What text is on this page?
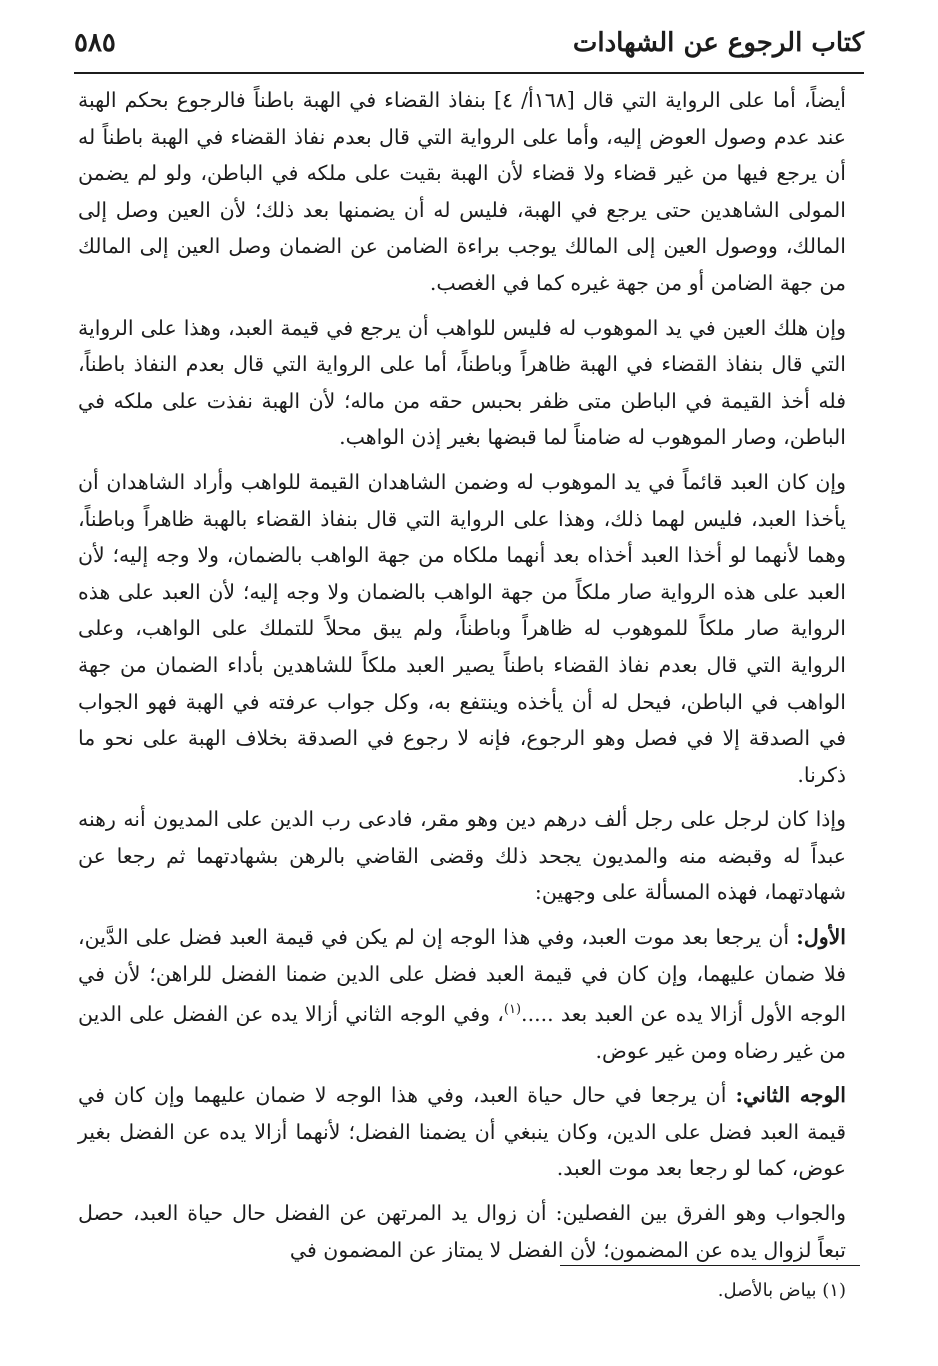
كتاب الرجوع عن الشهادات
٥٨٥

أيضاً، أما على الرواية التي قال [١٦٨أ/ ٤] بنفاذ القضاء في الهبة باطناً فالرجوع بحكم الهبة عند عدم وصول العوض إليه، وأما على الرواية التي قال بعدم نفاذ القضاء في الهبة باطناً له أن يرجع فيها من غير قضاء ولا قضاء لأن الهبة بقيت على ملكه في الباطن، ولو لم يضمن المولى الشاهدين حتى يرجع في الهبة، فليس له أن يضمنها بعد ذلك؛ لأن العين وصل إلى المالك، ووصول العين إلى المالك يوجب براءة الضامن عن الضمان وصل العين إلى المالك من جهة الضامن أو من جهة غيره كما في الغصب.

وإن هلك العين في يد الموهوب له فليس للواهب أن يرجع في قيمة العبد، وهذا على الرواية التي قال بنفاذ القضاء في الهبة ظاهراً وباطناً، أما على الرواية التي قال بعدم النفاذ باطناً، فله أخذ القيمة في الباطن متى ظفر بحبس حقه من ماله؛ لأن الهبة نفذت على ملكه في الباطن، وصار الموهوب له ضامناً لما قبضها بغير إذن الواهب.

وإن كان العبد قائماً في يد الموهوب له وضمن الشاهدان القيمة للواهب وأراد الشاهدان أن يأخذا العبد، فليس لهما ذلك، وهذا على الرواية التي قال بنفاذ القضاء بالهبة ظاهراً وباطناً، وهما لأنهما لو أخذا العبد أخذاه بعد أنهما ملكاه من جهة الواهب بالضمان، ولا وجه إليه؛ لأن العبد على هذه الرواية صار ملكاً من جهة الواهب بالضمان ولا وجه إليه؛ لأن العبد على هذه الرواية صار ملكاً للموهوب له ظاهراً وباطناً، ولم يبق محلاً للتملك على الواهب، وعلى الرواية التي قال بعدم نفاذ القضاء باطناً يصير العبد ملكاً للشاهدين بأداء الضمان من جهة الواهب في الباطن، فيحل له أن يأخذه وينتفع به، وكل جواب عرفته في الهبة فهو الجواب في الصدقة إلا في فصل وهو الرجوع، فإنه لا رجوع في الصدقة بخلاف الهبة على نحو ما ذكرنا.

وإذا كان لرجل على رجل ألف درهم دين وهو مقر، فادعى رب الدين على المديون أنه رهنه عبداً له وقبضه منه والمديون يجحد ذلك وقضى القاضي بالرهن بشهادتهما ثم رجعا عن شهادتهما، فهذه المسألة على وجهين:

الأول: أن يرجعا بعد موت العبد، وفي هذا الوجه إن لم يكن في قيمة العبد فضل على الدَّين، فلا ضمان عليهما، وإن كان في قيمة العبد فضل على الدين ضمنا الفضل للراهن؛ لأن في الوجه الأول أزالا يده عن العبد بعد .....$^{(١)}$، وفي الوجه الثاني أزالا يده عن الفضل على الدين من غير رضاه ومن غير عوض.

الوجه الثاني: أن يرجعا في حال حياة العبد، وفي هذا الوجه لا ضمان عليهما وإن كان في قيمة العبد فضل على الدين، وكان ينبغي أن يضمنا الفضل؛ لأنهما أزالا يده عن الفضل بغير عوض، كما لو رجعا بعد موت العبد.

والجواب وهو الفرق بين الفصلين: أن زوال يد المرتهن عن الفضل حال حياة العبد، حصل تبعاً لزوال يده عن المضمون؛ لأن الفضل لا يمتاز عن المضمون في

(١) بياض بالأصل.
